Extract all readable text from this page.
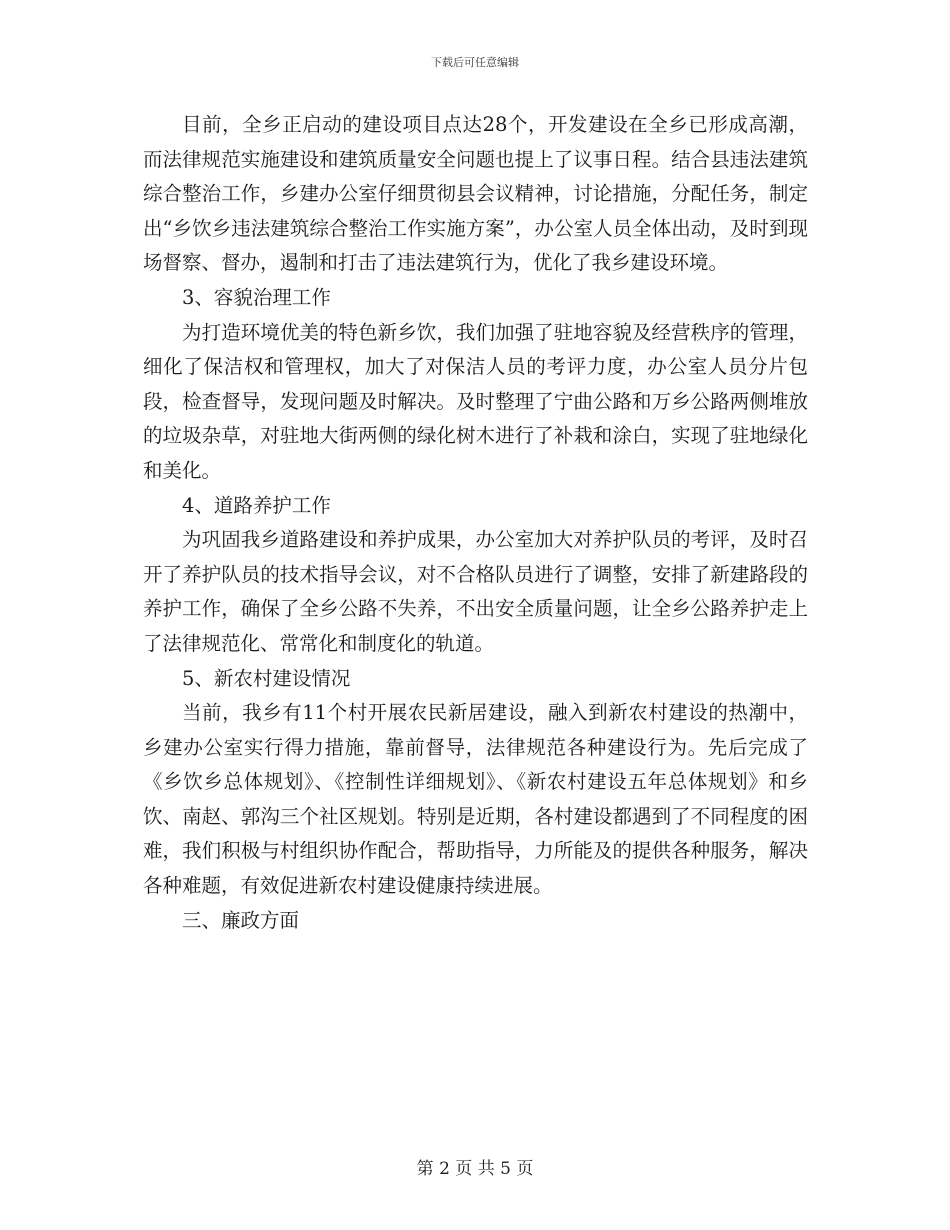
下载后可任意编辑

目前，全乡正启动的建设项目点达28个，开发建设在全乡已形成高潮，而法律规范实施建设和建筑质量安全问题也提上了议事日程。结合县违法建筑综合整治工作，乡建办公室仔细贯彻县会议精神，讨论措施，分配任务，制定出“乡饮乡违法建筑综合整治工作实施方案”，办公室人员全体出动，及时到现场督察、督办，遏制和打击了违法建筑行为，优化了我乡建设环境。

3、容貌治理工作

为打造环境优美的特色新乡饮，我们加强了驻地容貌及经营秩序的管理，细化了保洁权和管理权，加大了对保洁人员的考评力度，办公室人员分片包段，检查督导，发现问题及时解决。及时整理了宁曲公路和万乡公路两侧堆放的垃圾杂草，对驻地大街两侧的绿化树木进行了补栽和涂白，实现了驻地绿化和美化。

4、道路养护工作

为巩固我乡道路建设和养护成果，办公室加大对养护队员的考评，及时召开了养护队员的技术指导会议，对不合格队员进行了调整，安排了新建路段的养护工作，确保了全乡公路不失养，不出安全质量问题，让全乡公路养护走上了法律规范化、常常化和制度化的轨道。

5、新农村建设情况

当前，我乡有11个村开展农民新居建设，融入到新农村建设的热潮中，乡建办公室实行得力措施，靠前督导，法律规范各种建设行为。先后完成了《乡饮乡总体规划》、《控制性详细规划》、《新农村建设五年总体规划》和乡饮、南赵、郭沟三个社区规划。特别是近期，各村建设都遇到了不同程度的困难，我们积极与村组织协作配合，帮助指导，力所能及的提供各种服务，解决各种难题，有效促进新农村建设健康持续进展。

三、廉政方面

第 2 页 共 5 页
